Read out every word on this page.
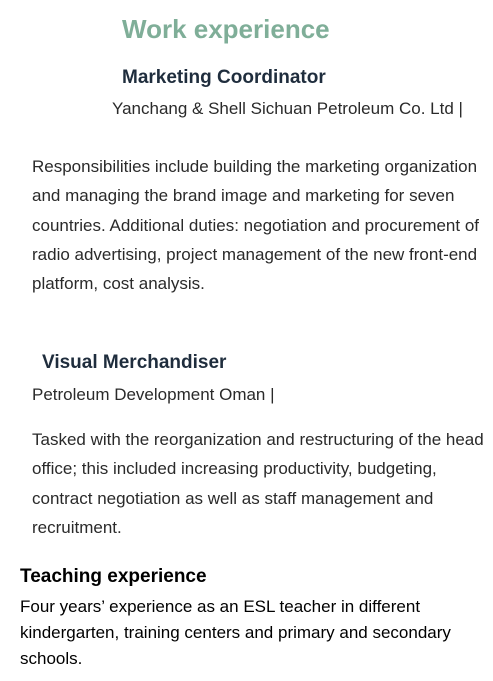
Work experience
Marketing Coordinator

Yanchang & Shell Sichuan Petroleum Co. Ltd |

Responsibilities include building the marketing organization and managing the brand image and marketing for seven countries. Additional duties: negotiation and procurement of radio advertising, project management of the new front-end platform, cost analysis.

Visual Merchandiser

Petroleum Development Oman |

Tasked with the reorganization and restructuring of the head office; this included increasing productivity, budgeting, contract negotiation as well as staff management and recruitment.

Teaching experience

Four years’ experience as an ESL teacher in different kindergarten, training centers and primary and secondary schools.
